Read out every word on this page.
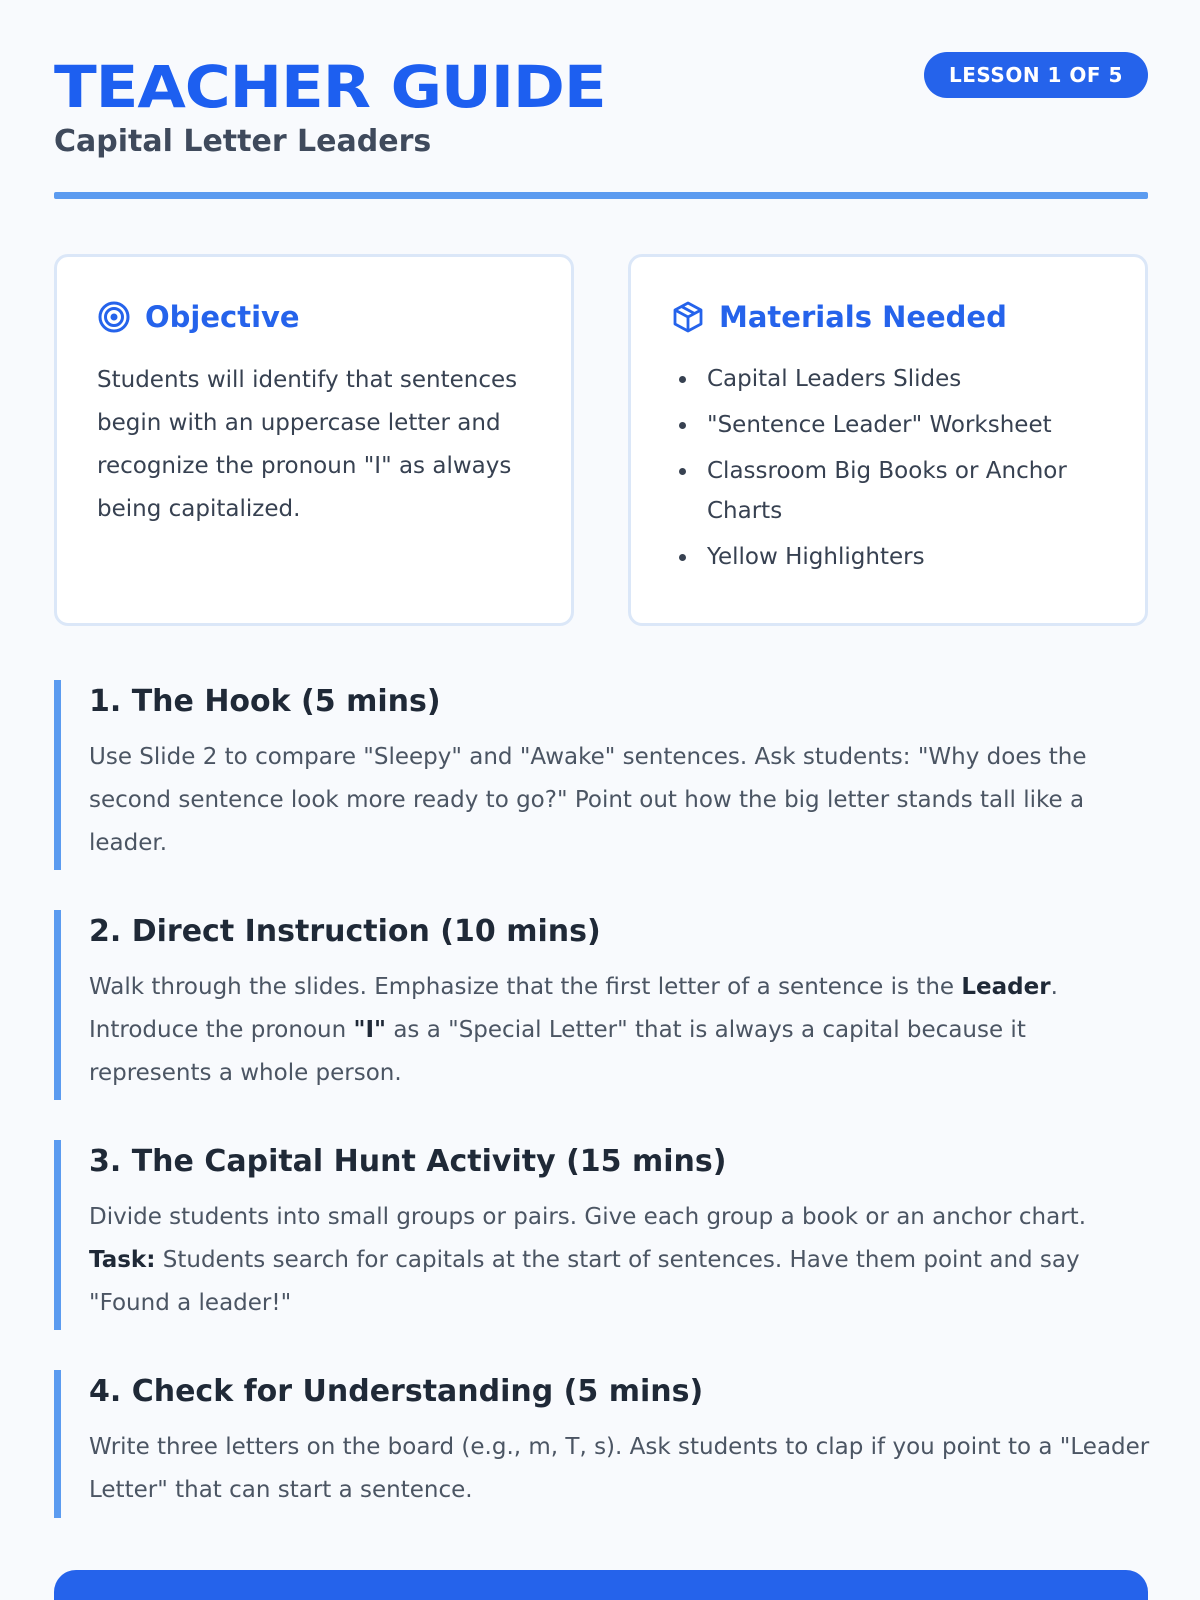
TEACHER GUIDE
Capital Letter Leaders
LESSON 1 OF 5
Objective
Students will identify that sentences begin with an uppercase letter and recognize the pronoun "I" as always being capitalized.
Materials Needed
Capital Leaders Slides
"Sentence Leader" Worksheet
Classroom Big Books or Anchor Charts
Yellow Highlighters
1. The Hook (5 mins)

Use Slide 2 to compare "Sleepy" and "Awake" sentences. Ask students: "Why does the second sentence look more ready to go?" Point out how the big letter stands tall like a leader.

2. Direct Instruction (10 mins)

Walk through the slides. Emphasize that the first letter of a sentence is the Leader. Introduce the pronoun "I" as a "Special Letter" that is always a capital because it represents a whole person.

3. The Capital Hunt Activity (15 mins)

Divide students into small groups or pairs. Give each group a book or an anchor chart. Task: Students search for capitals at the start of sentences. Have them point and say "Found a leader!"

4. Check for Understanding (5 mins)

Write three letters on the board (e.g., m, T, s). Ask students to clap if you point to a "Leader Letter" that can start a sentence.
